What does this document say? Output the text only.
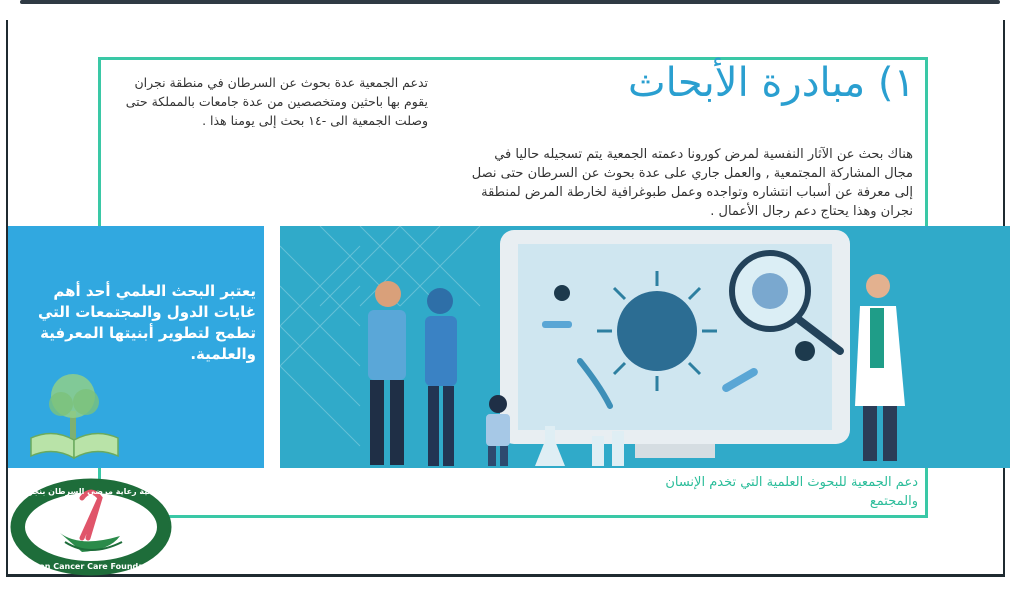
١) مبادرة الأبحاث
تدعم الجمعية عدة بحوث عن السرطان في منطقة نجران يقوم بها باحثين ومتخصصين من عدة جامعات بالمملكة حتى وصلت الجمعية الى -١٤ بحث إلى يومنا هذا .
هناك بحث عن الآثار النفسية لمرض كورونا دعمته الجمعية يتم تسجيله حاليا في مجال المشاركة المجتمعية , والعمل جاري على عدة بحوث عن السرطان حتى نصل إلى معرفة عن أسباب انتشاره وتواجده وعمل طبوغرافية لخارطة المرض لمنطقة نجران وهذا يحتاج دعم رجال الأعمال .
يعتبر البحث العلمي أحد أهم غايات الدول والمجتمعات التي تطمح لتطوير أبنيتها المعرفية والعلمية.
دعم الجمعية للبحوث العلمية التي تخدم الإنسان والمجتمع
جمعية رعاية مرضى السرطان بنجران
Najran Cancer Care Foundation
